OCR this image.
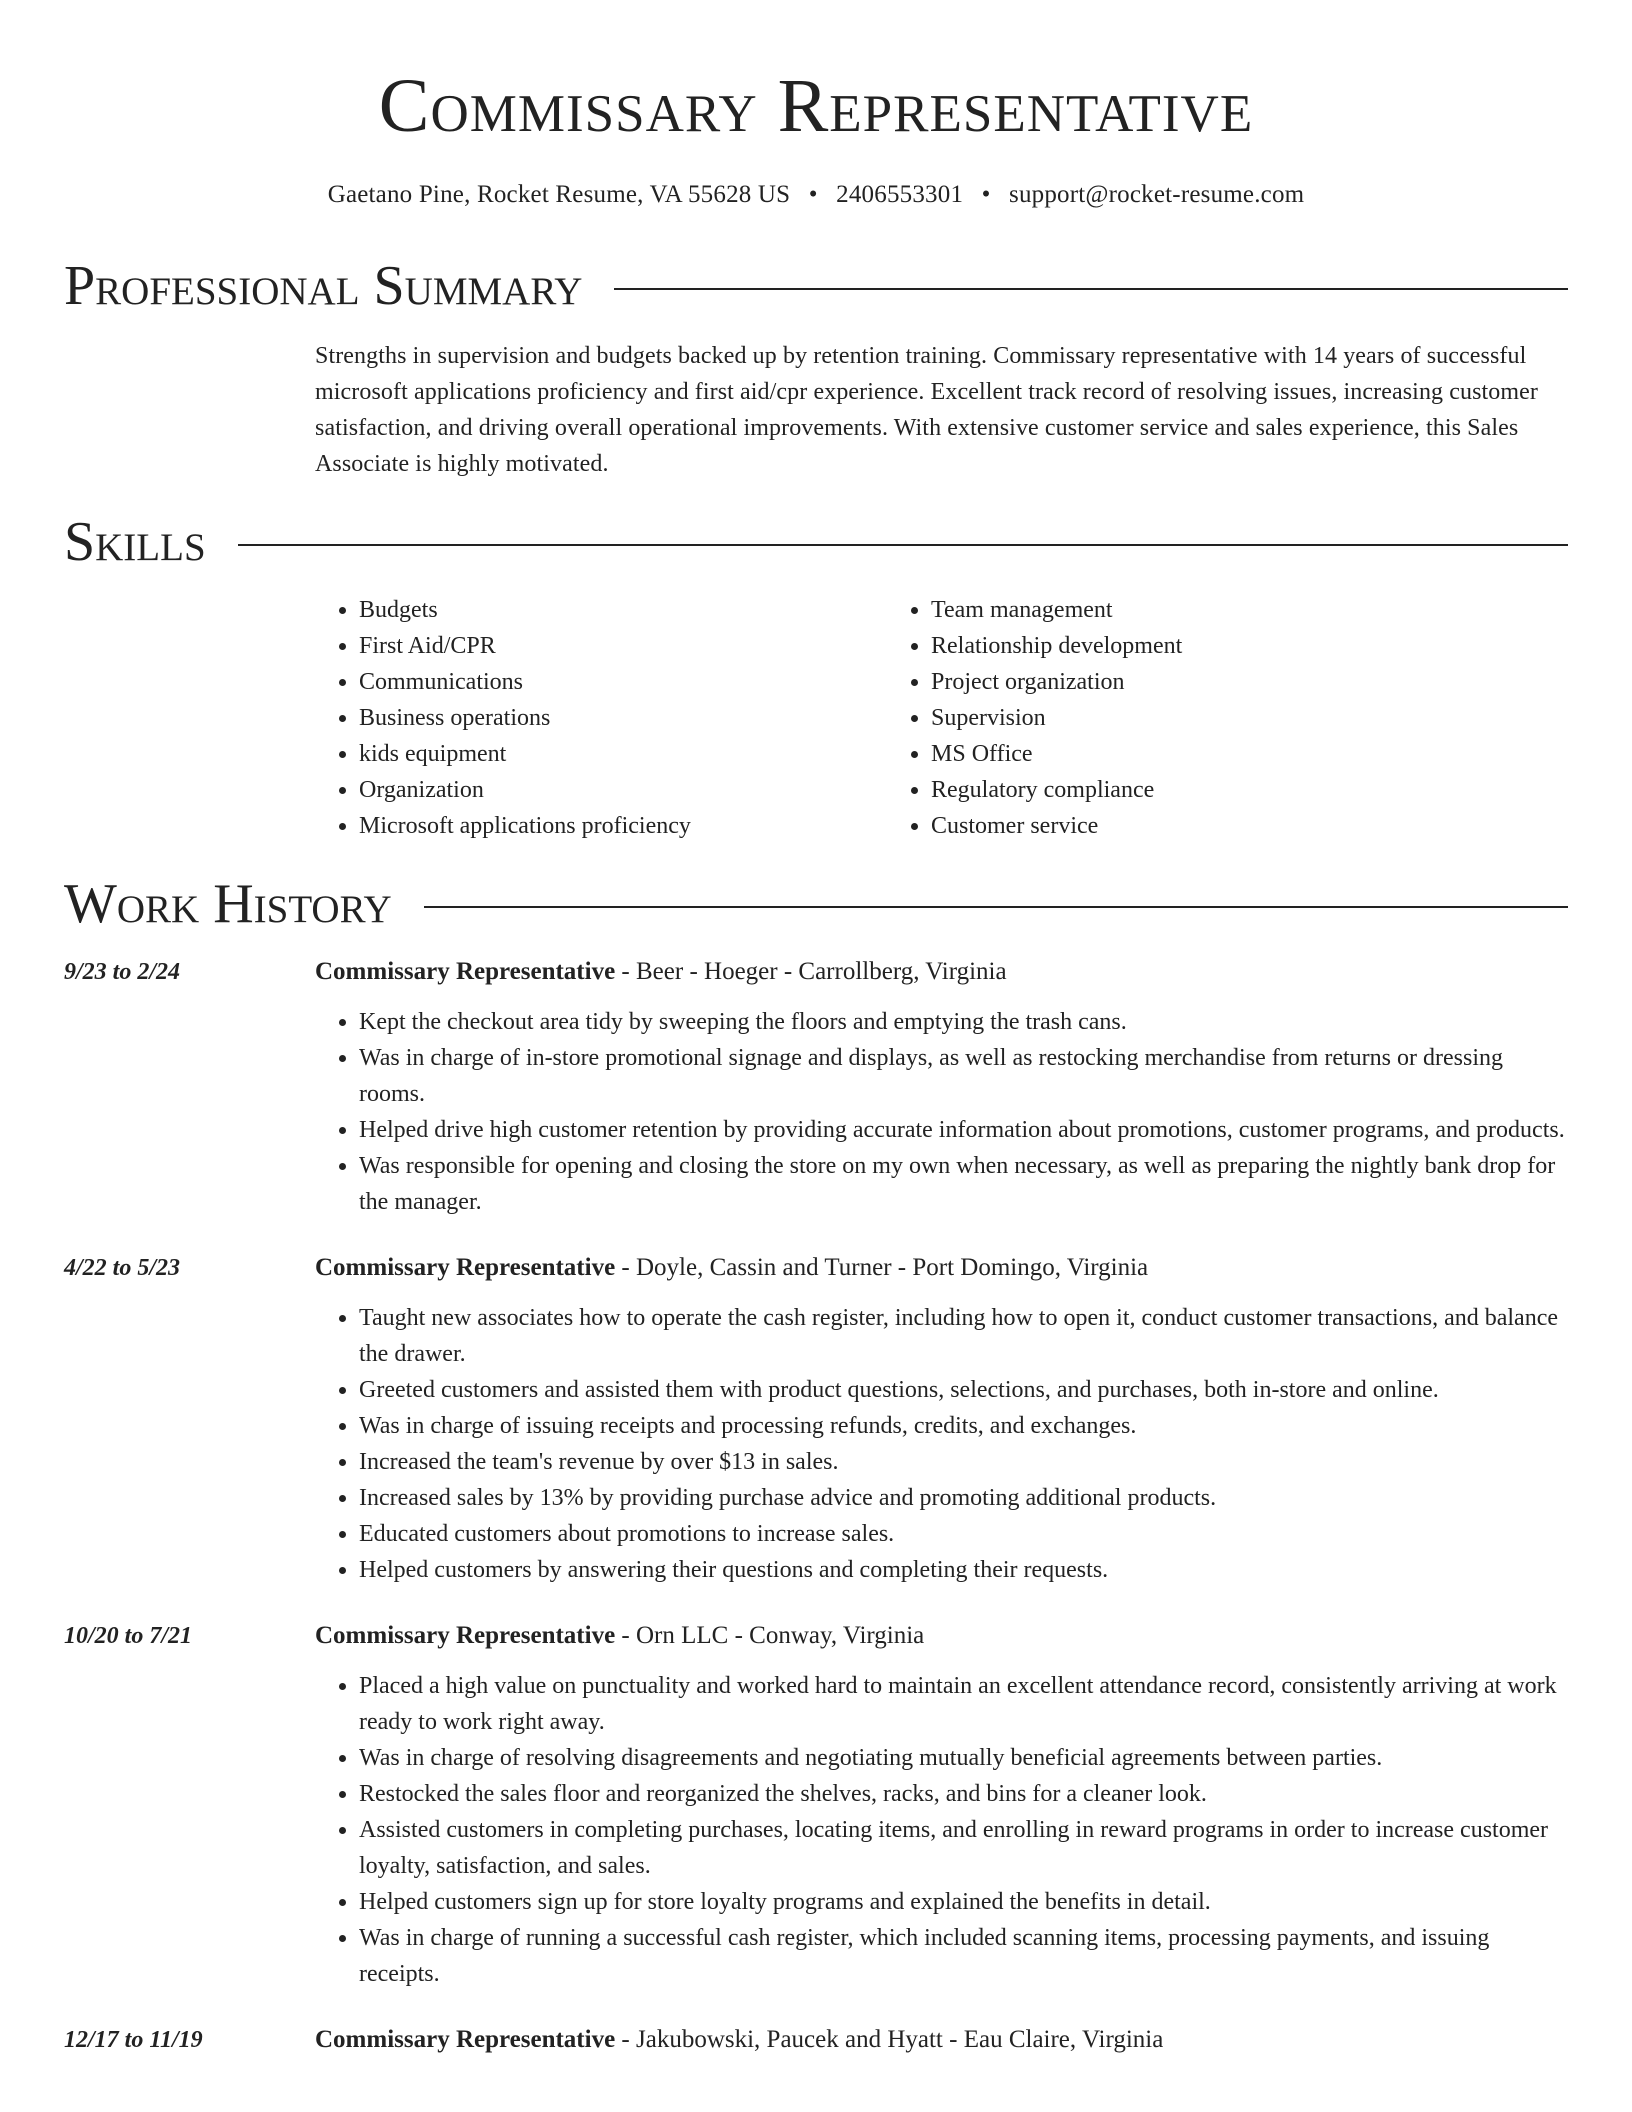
Commissary Representative
Gaetano Pine, Rocket Resume, VA 55628 US • 2406553301 • support@rocket-resume.com
Professional Summary
Strengths in supervision and budgets backed up by retention training. Commissary representative with 14 years of successful microsoft applications proficiency and first aid/cpr experience. Excellent track record of resolving issues, increasing customer satisfaction, and driving overall operational improvements. With extensive customer service and sales experience, this Sales Associate is highly motivated.
Skills
• Budgets
• First Aid/CPR
• Communications
• Business operations
• kids equipment
• Organization
• Microsoft applications proficiency
• Team management
• Relationship development
• Project organization
• Supervision
• MS Office
• Regulatory compliance
• Customer service
Work History
9/23 to 2/24	Commissary Representative - Beer - Hoeger - Carrollberg, Virginia
• Kept the checkout area tidy by sweeping the floors and emptying the trash cans.
• Was in charge of in-store promotional signage and displays, as well as restocking merchandise from returns or dressing rooms.
• Helped drive high customer retention by providing accurate information about promotions, customer programs, and products.
• Was responsible for opening and closing the store on my own when necessary, as well as preparing the nightly bank drop for the manager.
4/22 to 5/23	Commissary Representative - Doyle, Cassin and Turner - Port Domingo, Virginia
• Taught new associates how to operate the cash register, including how to open it, conduct customer transactions, and balance the drawer.
• Greeted customers and assisted them with product questions, selections, and purchases, both in-store and online.
• Was in charge of issuing receipts and processing refunds, credits, and exchanges.
• Increased the team's revenue by over $13 in sales.
• Increased sales by 13% by providing purchase advice and promoting additional products.
• Educated customers about promotions to increase sales.
• Helped customers by answering their questions and completing their requests.
10/20 to 7/21	Commissary Representative - Orn LLC - Conway, Virginia
• Placed a high value on punctuality and worked hard to maintain an excellent attendance record, consistently arriving at work ready to work right away.
• Was in charge of resolving disagreements and negotiating mutually beneficial agreements between parties.
• Restocked the sales floor and reorganized the shelves, racks, and bins for a cleaner look.
• Assisted customers in completing purchases, locating items, and enrolling in reward programs in order to increase customer loyalty, satisfaction, and sales.
• Helped customers sign up for store loyalty programs and explained the benefits in detail.
• Was in charge of running a successful cash register, which included scanning items, processing payments, and issuing receipts.
12/17 to 11/19	Commissary Representative - Jakubowski, Paucek and Hyatt - Eau Claire, Virginia
